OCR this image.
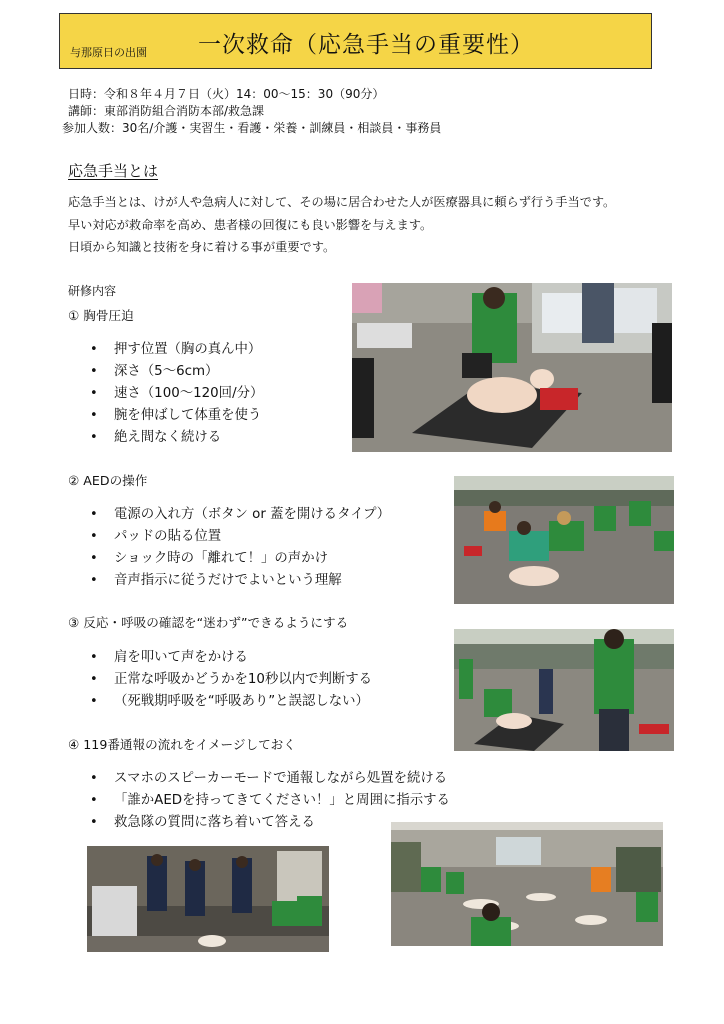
与那原日の出園 一次救命（応急手当の重要性）
日時：令和８年４月７日（火）14：00～15：30（90分）
講師：東部消防組合消防本部/救急課
参加人数：30名/介護・実習生・看護・栄養・訓練員・相談員・事務員
応急手当とは
応急手当とは、けが人や急病人に対して、その場に居合わせた人が医療器具に頼らず行う手当です。
早い対応が救命率を高め、患者様の回復にも良い影響を与えます。
日頃から知識と技術を身に着ける事が重要です。
研修内容
① 胸骨圧迫
• 押す位置（胸の真ん中）
• 深さ（5～6cm）
• 速さ（100～120回/分）
• 腕を伸ばして体重を使う
• 絶え間なく続ける
② AEDの操作
• 電源の入れ方（ボタン or 蓋を開けるタイプ）
• パッドの貼る位置
• ショック時の「離れて！」の声かけ
• 音声指示に従うだけでよいという理解
③ 反応・呼吸の確認を“迷わず”できるようにする
• 肩を叩いて声をかける
• 正常な呼吸かどうかを10秒以内で判断する
• （死戦期呼吸を“呼吸あり”と誤認しない）
④ 119番通報の流れをイメージしておく
• スマホのスピーカーモードで通報しながら処置を続ける
• 「誰かAEDを持ってきてください！」と周囲に指示する
• 救急隊の質問に落ち着いて答える
